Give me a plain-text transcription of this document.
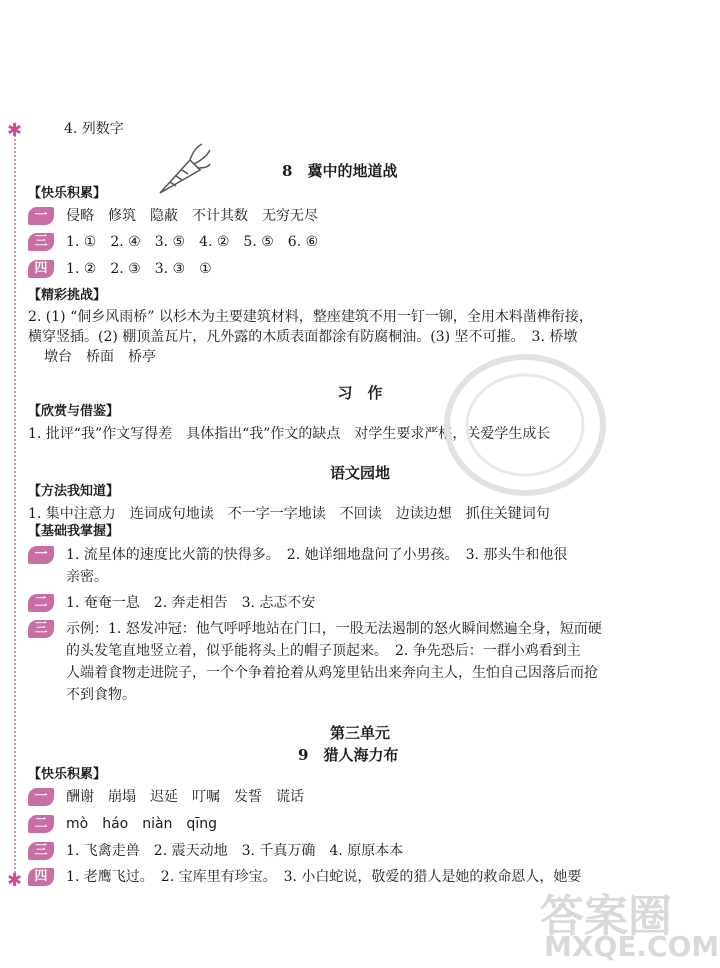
✱
✱
4. 列数字
8　 冀中的地道战
【快乐积累】
一	侵略　修筑　隐蔽　不计其数　无穷无尽
三	1. ①　2. ④　3. ⑤　4. ②　5. ⑤　6. ⑥
四	1. ②　2. ③　3. ③　①
【精彩挑战】
2. (1) “侗乡风雨桥” 以杉木为主要建筑材料，整座建筑不用一钉一铆，全用木料凿榫衔接，
横穿竖插。(2) 棚顶盖瓦片，凡外露的木质表面都涂有防腐桐油。(3) 坚不可摧。　3. 桥墩
墩台　桥面　桥亭
习　作
【欣赏与借鉴】
1. 批评“我”作文写得差　具体指出“我”作文的缺点　对学生要求严格，关爱学生成长
语文园地
【方法我知道】
1. 集中注意力　连词成句地读　不一字一字地读　不回读　边读边想　抓住关键词句
【基础我掌握】
一	1. 流星体的速度比火箭的快得多。　2. 她详细地盘问了小男孩。　3. 那头牛和他很
亲密。
二	1. 奄奄一息　2. 奔走相告　3. 忐忑不安
三	示例：1. 怒发冲冠：他气呼呼地站在门口，一股无法遏制的怒火瞬间燃遍全身，短而硬
的头发笔直地竖立着，似乎能将头上的帽子顶起来。　2. 争先恐后：一群小鸡看到主
人端着食物走进院子，一个个争着抢着从鸡笼里钻出来奔向主人，生怕自己因落后而抢
不到食物。
第三单元
9　 猎人海力布
【快乐积累】
一	酬谢　崩塌　迟延　叮嘱　发誓　谎话
二	mò　háo　niàn　qīng
三	1. 飞禽走兽　2. 震天动地　3. 千真万确　4. 原原本本
四	1. 老鹰飞过。　2. 宝库里有珍宝。　3. 小白蛇说，敬爱的猎人是她的救命恩人，她要
答案圈
MXQE.COM
